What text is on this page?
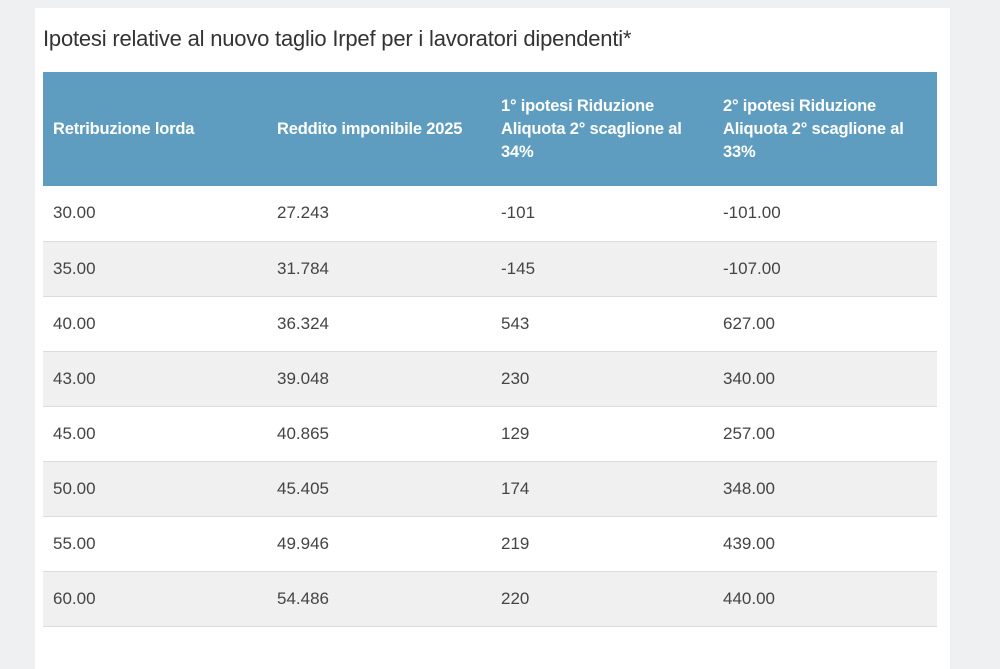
Ipotesi relative al nuovo taglio Irpef per i lavoratori dipendenti*
Retribuzione lorda	Reddito imponibile 2025	1° ipotesi Riduzione Aliquota 2° scaglione al 34%	2° ipotesi Riduzione Aliquota 2° scaglione al 33%
30.00	27.243	-101	-101.00
35.00	31.784	-145	-107.00
40.00	36.324	543	627.00
43.00	39.048	230	340.00
45.00	40.865	129	257.00
50.00	45.405	174	348.00
55.00	49.946	219	439.00
60.00	54.486	220	440.00
